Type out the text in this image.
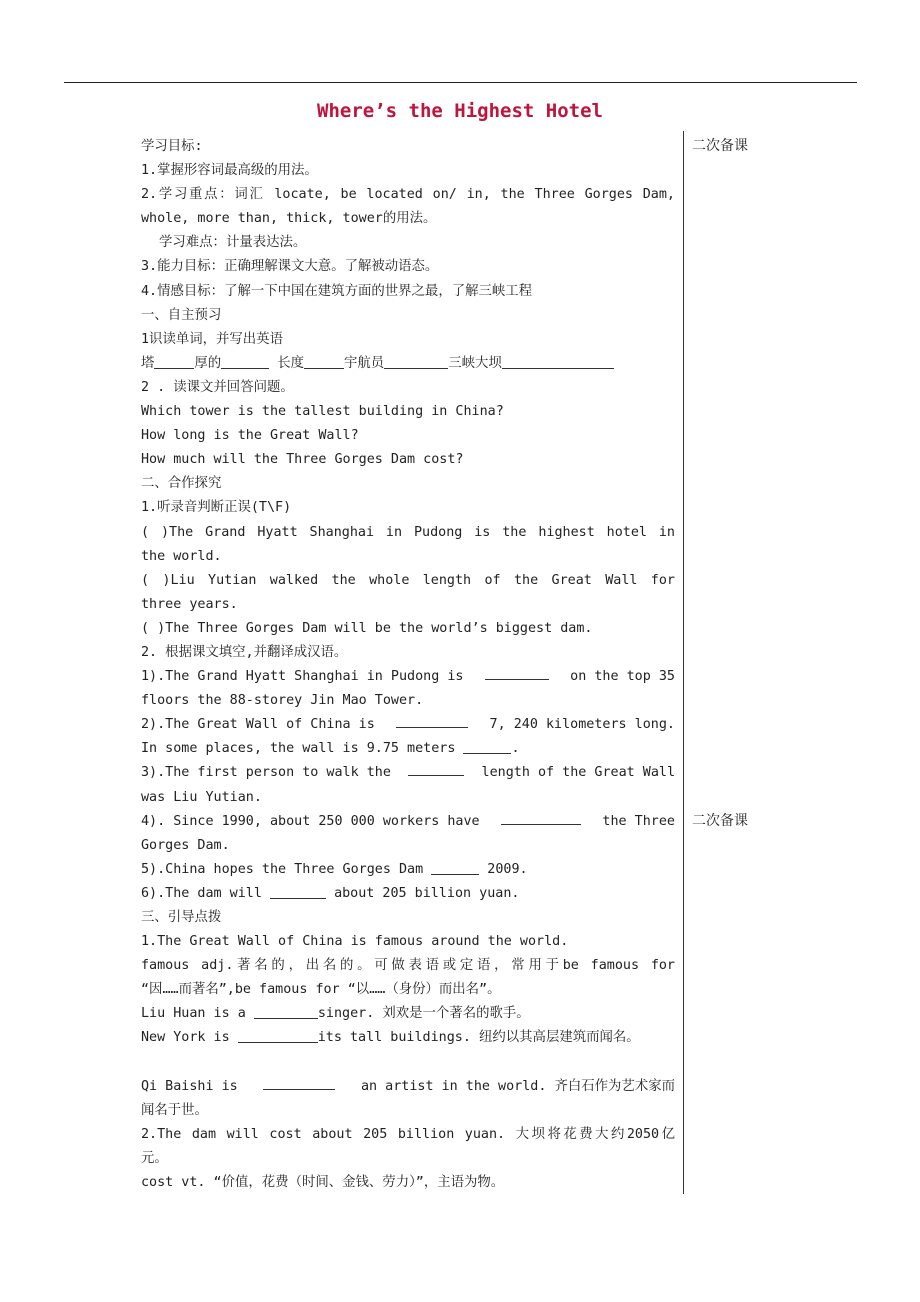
Where’s the Highest Hotel
二次备课
二次备课
学习目标:
1.掌握形容词最高级的用法。
2.学习重点：词汇 locate, be located on/ in, the Three Gorges Dam,
whole, more than, thick, tower的用法。
学习难点：计量表达法。
3.能力目标：正确理解课文大意。了解被动语态。
4.情感目标：了解一下中国在建筑方面的世界之最，了解三峡工程
一、自主预习
1识读单词，并写出英语
塔	厚的	长度	宇航员	三峡大坝
2 . 读课文并回答问题。
Which tower is the tallest building in China?
How long is the Great Wall?
How much will the Three Gorges Dam cost?
二、合作探究
1.听录音判断正误(T\F)
( )The Grand Hyatt Shanghai in Pudong is the highest hotel in
the world.
( )Liu Yutian walked the whole length of the Great Wall for
three years.
( )The Three Gorges Dam will be the world’s biggest dam.
2. 根据课文填空,并翻译成汉语。
1).The Grand Hyatt Shanghai in Pudong is	on the top 35
floors the 88-storey Jin Mao Tower.
2).The Great Wall of China is	7, 240 kilometers long.
In some places, the wall is 9.75 meters	.
3).The first person to walk the	length of the Great Wall
was Liu Yutian.
4). Since 1990, about 250 000 workers have	the Three
Gorges Dam.
5).China hopes the Three Gorges Dam	2009.
6).The dam will	about 205 billion yuan.
三、引导点拨
1.The Great Wall of China is famous around the world.
famous adj.著名的，出名的。可做表语或定语，常用于be famous for
“因……而著名”,be famous for “以……（身份）而出名”。
Liu Huan is a	singer. 刘欢是一个著名的歌手。
New York is	its tall buildings. 纽约以其高层建筑而闻名。
Qi Baishi is	an artist in the world. 齐白石作为艺术家而
闻名于世。
2.The dam will cost about 205 billion yuan. 大坝将花费大约2050亿
元。
cost vt. “价值，花费（时间、金钱、劳力）”，主语为物。
